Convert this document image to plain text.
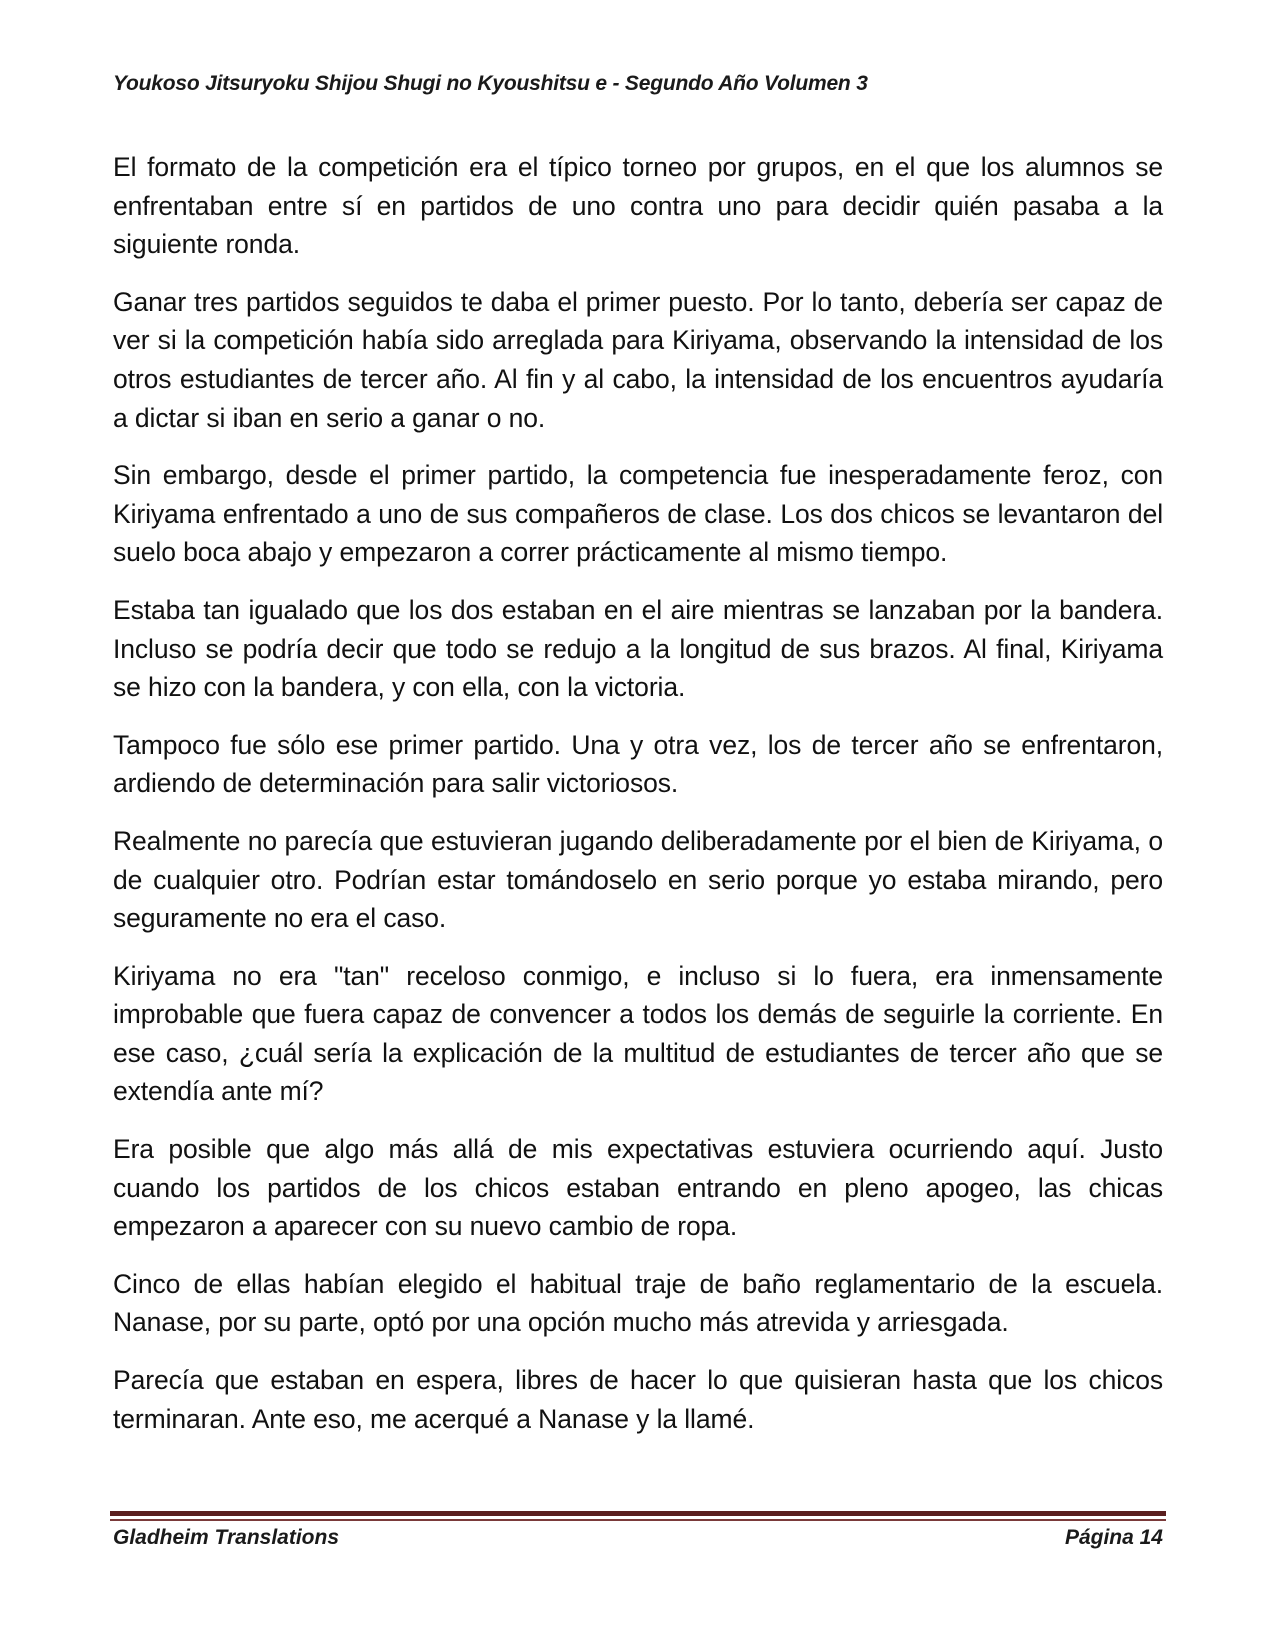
Youkoso Jitsuryoku Shijou Shugi no Kyoushitsu e - Segundo Año Volumen 3

El formato de la competición era el típico torneo por grupos, en el que los alumnos se enfrentaban entre sí en partidos de uno contra uno para decidir quién pasaba a la siguiente ronda.

Ganar tres partidos seguidos te daba el primer puesto. Por lo tanto, debería ser capaz de ver si la competición había sido arreglada para Kiriyama, observando la intensidad de los otros estudiantes de tercer año. Al fin y al cabo, la intensidad de los encuentros ayudaría a dictar si iban en serio a ganar o no.

Sin embargo, desde el primer partido, la competencia fue inesperadamente feroz, con Kiriyama enfrentado a uno de sus compañeros de clase. Los dos chicos se levantaron del suelo boca abajo y empezaron a correr prácticamente al mismo tiempo.

Estaba tan igualado que los dos estaban en el aire mientras se lanzaban por la bandera. Incluso se podría decir que todo se redujo a la longitud de sus brazos. Al final, Kiriyama se hizo con la bandera, y con ella, con la victoria.

Tampoco fue sólo ese primer partido. Una y otra vez, los de tercer año se enfrentaron, ardiendo de determinación para salir victoriosos.

Realmente no parecía que estuvieran jugando deliberadamente por el bien de Kiriyama, o de cualquier otro. Podrían estar tomándoselo en serio porque yo estaba mirando, pero seguramente no era el caso.

Kiriyama no era "tan" receloso conmigo, e incluso si lo fuera, era inmensamente improbable que fuera capaz de convencer a todos los demás de seguirle la corriente. En ese caso, ¿cuál sería la explicación de la multitud de estudiantes de tercer año que se extendía ante mí?

Era posible que algo más allá de mis expectativas estuviera ocurriendo aquí. Justo cuando los partidos de los chicos estaban entrando en pleno apogeo, las chicas empezaron a aparecer con su nuevo cambio de ropa.

Cinco de ellas habían elegido el habitual traje de baño reglamentario de la escuela. Nanase, por su parte, optó por una opción mucho más atrevida y arriesgada.

Parecía que estaban en espera, libres de hacer lo que quisieran hasta que los chicos terminaran. Ante eso, me acerqué a Nanase y la llamé.

Gladheim Translations	Página 14
